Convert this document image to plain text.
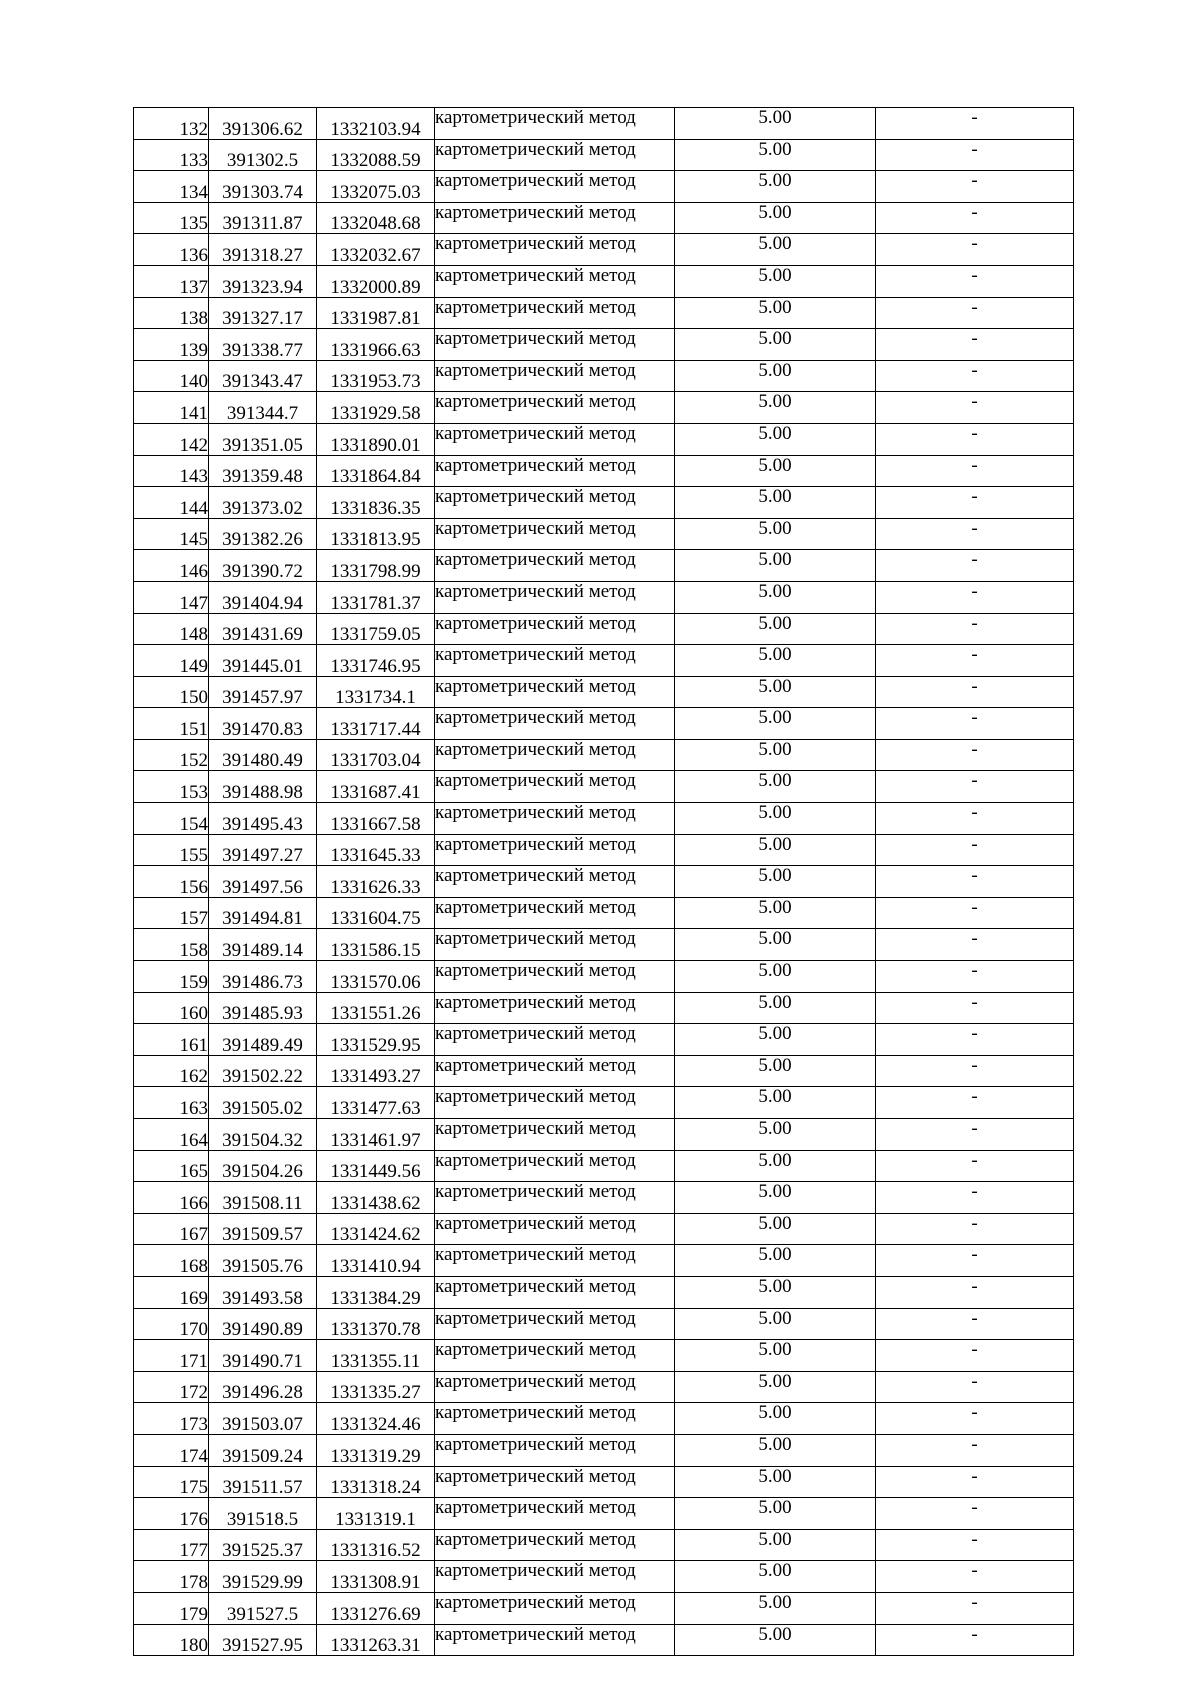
132	391306.62	1332103.94	картометрический метод	5.00	-
133	391302.5	1332088.59	картометрический метод	5.00	-
134	391303.74	1332075.03	картометрический метод	5.00	-
135	391311.87	1332048.68	картометрический метод	5.00	-
136	391318.27	1332032.67	картометрический метод	5.00	-
137	391323.94	1332000.89	картометрический метод	5.00	-
138	391327.17	1331987.81	картометрический метод	5.00	-
139	391338.77	1331966.63	картометрический метод	5.00	-
140	391343.47	1331953.73	картометрический метод	5.00	-
141	391344.7	1331929.58	картометрический метод	5.00	-
142	391351.05	1331890.01	картометрический метод	5.00	-
143	391359.48	1331864.84	картометрический метод	5.00	-
144	391373.02	1331836.35	картометрический метод	5.00	-
145	391382.26	1331813.95	картометрический метод	5.00	-
146	391390.72	1331798.99	картометрический метод	5.00	-
147	391404.94	1331781.37	картометрический метод	5.00	-
148	391431.69	1331759.05	картометрический метод	5.00	-
149	391445.01	1331746.95	картометрический метод	5.00	-
150	391457.97	1331734.1	картометрический метод	5.00	-
151	391470.83	1331717.44	картометрический метод	5.00	-
152	391480.49	1331703.04	картометрический метод	5.00	-
153	391488.98	1331687.41	картометрический метод	5.00	-
154	391495.43	1331667.58	картометрический метод	5.00	-
155	391497.27	1331645.33	картометрический метод	5.00	-
156	391497.56	1331626.33	картометрический метод	5.00	-
157	391494.81	1331604.75	картометрический метод	5.00	-
158	391489.14	1331586.15	картометрический метод	5.00	-
159	391486.73	1331570.06	картометрический метод	5.00	-
160	391485.93	1331551.26	картометрический метод	5.00	-
161	391489.49	1331529.95	картометрический метод	5.00	-
162	391502.22	1331493.27	картометрический метод	5.00	-
163	391505.02	1331477.63	картометрический метод	5.00	-
164	391504.32	1331461.97	картометрический метод	5.00	-
165	391504.26	1331449.56	картометрический метод	5.00	-
166	391508.11	1331438.62	картометрический метод	5.00	-
167	391509.57	1331424.62	картометрический метод	5.00	-
168	391505.76	1331410.94	картометрический метод	5.00	-
169	391493.58	1331384.29	картометрический метод	5.00	-
170	391490.89	1331370.78	картометрический метод	5.00	-
171	391490.71	1331355.11	картометрический метод	5.00	-
172	391496.28	1331335.27	картометрический метод	5.00	-
173	391503.07	1331324.46	картометрический метод	5.00	-
174	391509.24	1331319.29	картометрический метод	5.00	-
175	391511.57	1331318.24	картометрический метод	5.00	-
176	391518.5	1331319.1	картометрический метод	5.00	-
177	391525.37	1331316.52	картометрический метод	5.00	-
178	391529.99	1331308.91	картометрический метод	5.00	-
179	391527.5	1331276.69	картометрический метод	5.00	-
180	391527.95	1331263.31	картометрический метод	5.00	-
